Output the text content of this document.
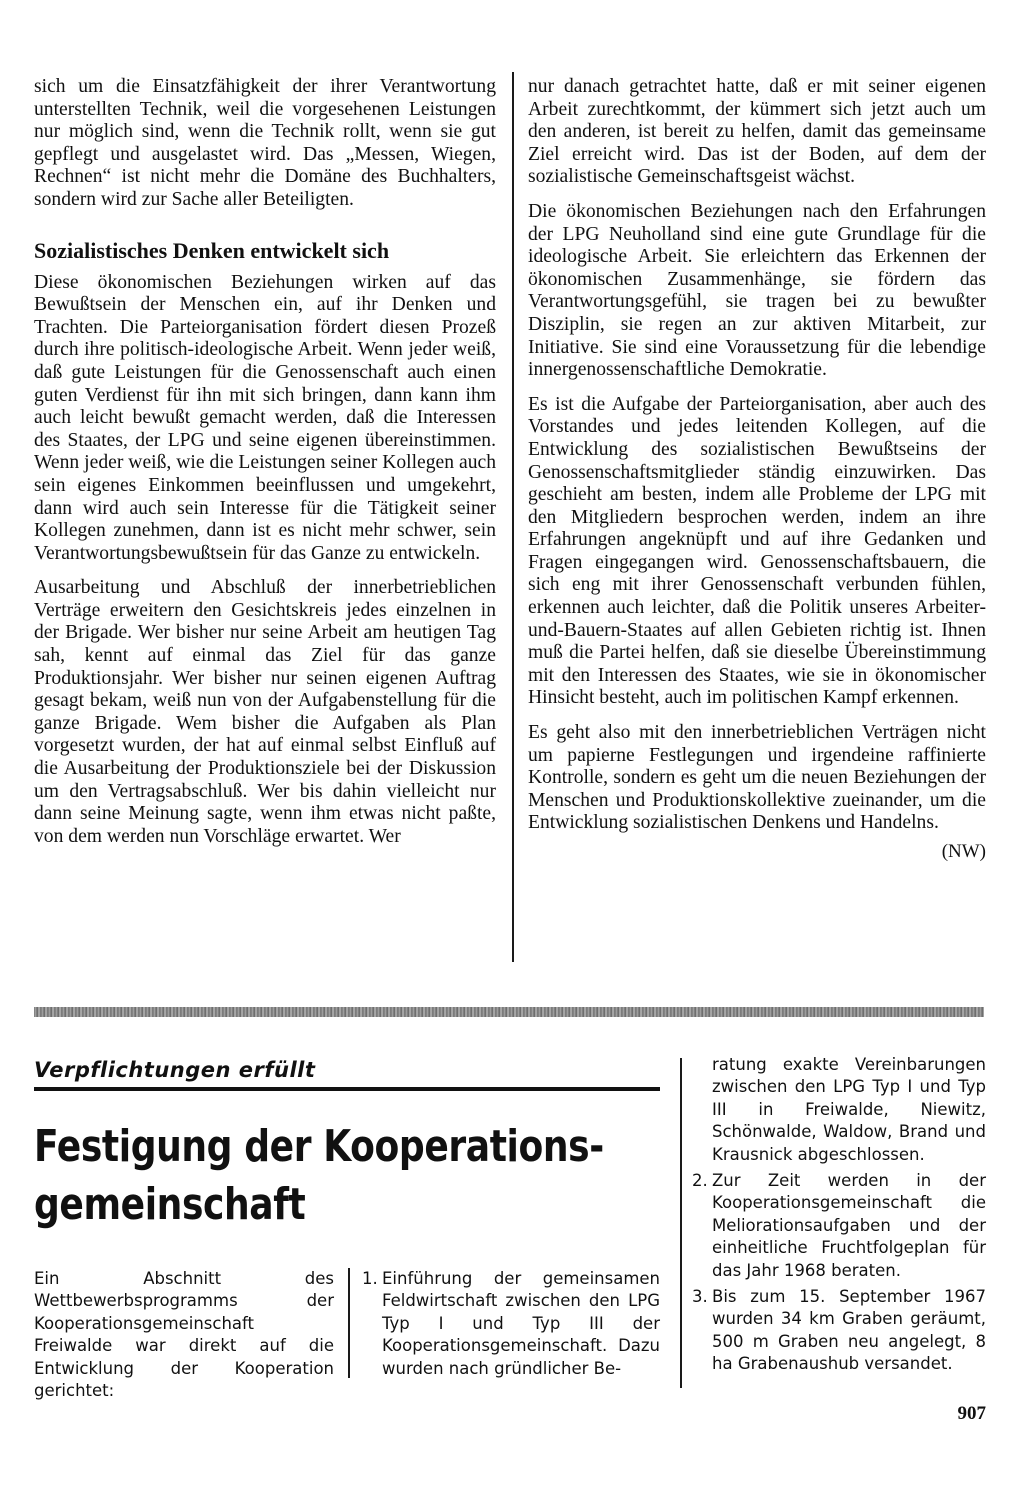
sich um die Einsatzfähigkeit der ihrer Verantwortung unterstellten Technik, weil die vorgesehenen Leistungen nur möglich sind, wenn die Technik rollt, wenn sie gut gepflegt und ausgelastet wird. Das „Messen, Wiegen, Rechnen“ ist nicht mehr die Domäne des Buchhalters, sondern wird zur Sache aller Beteiligten.

Sozialistisches Denken entwickelt sich

Diese ökonomischen Beziehungen wirken auf das Bewußtsein der Menschen ein, auf ihr Denken und Trachten. Die Parteiorganisation fördert diesen Prozeß durch ihre politisch-ideologische Arbeit. Wenn jeder weiß, daß gute Leistungen für die Genossenschaft auch einen guten Verdienst für ihn mit sich bringen, dann kann ihm auch leicht bewußt gemacht werden, daß die Interessen des Staates, der LPG und seine eigenen übereinstimmen. Wenn jeder weiß, wie die Leistungen seiner Kollegen auch sein eigenes Einkommen beeinflussen und umgekehrt, dann wird auch sein Interesse für die Tätigkeit seiner Kollegen zunehmen, dann ist es nicht mehr schwer, sein Verantwortungsbewußtsein für das Ganze zu entwickeln.

Ausarbeitung und Abschluß der innerbetrieblichen Verträge erweitern den Gesichtskreis jedes einzelnen in der Brigade. Wer bisher nur seine Arbeit am heutigen Tag sah, kennt auf einmal das Ziel für das ganze Produktionsjahr. Wer bisher nur seinen eigenen Auftrag gesagt bekam, weiß nun von der Aufgabenstellung für die ganze Brigade. Wem bisher die Aufgaben als Plan vorgesetzt wurden, der hat auf einmal selbst Einfluß auf die Ausarbeitung der Produktionsziele bei der Diskussion um den Vertragsabschluß. Wer bis dahin vielleicht nur dann seine Meinung sagte, wenn ihm etwas nicht paßte, von dem werden nun Vorschläge erwartet. Wer

nur danach getrachtet hatte, daß er mit seiner eigenen Arbeit zurechtkommt, der kümmert sich jetzt auch um den anderen, ist bereit zu helfen, damit das gemeinsame Ziel erreicht wird. Das ist der Boden, auf dem der sozialistische Gemeinschaftsgeist wächst.

Die ökonomischen Beziehungen nach den Erfahrungen der LPG Neuholland sind eine gute Grundlage für die ideologische Arbeit. Sie erleichtern das Erkennen der ökonomischen Zusammenhänge, sie fördern das Verantwortungsgefühl, sie tragen bei zu bewußter Disziplin, sie regen an zur aktiven Mitarbeit, zur Initiative. Sie sind eine Voraussetzung für die lebendige innergenossenschaftliche Demokratie.

Es ist die Aufgabe der Parteiorganisation, aber auch des Vorstandes und jedes leitenden Kollegen, auf die Entwicklung des sozialistischen Bewußtseins der Genossenschaftsmitglieder ständig einzuwirken. Das geschieht am besten, indem alle Probleme der LPG mit den Mitgliedern besprochen werden, indem an ihre Erfahrungen angeknüpft und auf ihre Gedanken und Fragen eingegangen wird. Genossenschaftsbauern, die sich eng mit ihrer Genossenschaft verbunden fühlen, erkennen auch leichter, daß die Politik unseres Arbeiter-und-Bauern-Staates auf allen Gebieten richtig ist. Ihnen muß die Partei helfen, daß sie dieselbe Übereinstimmung mit den Interessen des Staates, wie sie in ökonomischer Hinsicht besteht, auch im politischen Kampf erkennen.

Es geht also mit den innerbetrieblichen Verträgen nicht um papierne Festlegungen und irgendeine raffinierte Kontrolle, sondern es geht um die neuen Beziehungen der Menschen und Produktionskollektive zueinander, um die Entwicklung sozialistischen Denkens und Handelns.

(NW)
Verpflichtungen erfüllt
Festigung der Kooperations-
gemeinschaft
Ein Abschnitt des Wettbewerbsprogramms der Kooperationsgemeinschaft Freiwalde war direkt auf die Entwicklung der Kooperation gerichtet:
1. Einführung der gemeinsamen Feldwirtschaft zwischen den LPG Typ I und Typ III der Kooperationsgemeinschaft. Dazu wurden nach gründlicher Be-
ratung exakte Vereinbarungen zwischen den LPG Typ I und Typ III in Freiwalde, Niewitz, Schönwalde, Waldow, Brand und Krausnick abgeschlossen.
2. Zur Zeit werden in der Kooperationsgemeinschaft die Meliorationsaufgaben und der einheitliche Fruchtfolgeplan für das Jahr 1968 beraten.
3. Bis zum 15. September 1967 wurden 34 km Graben geräumt, 500 m Graben neu angelegt, 8 ha Grabenaushub versandet.
907
